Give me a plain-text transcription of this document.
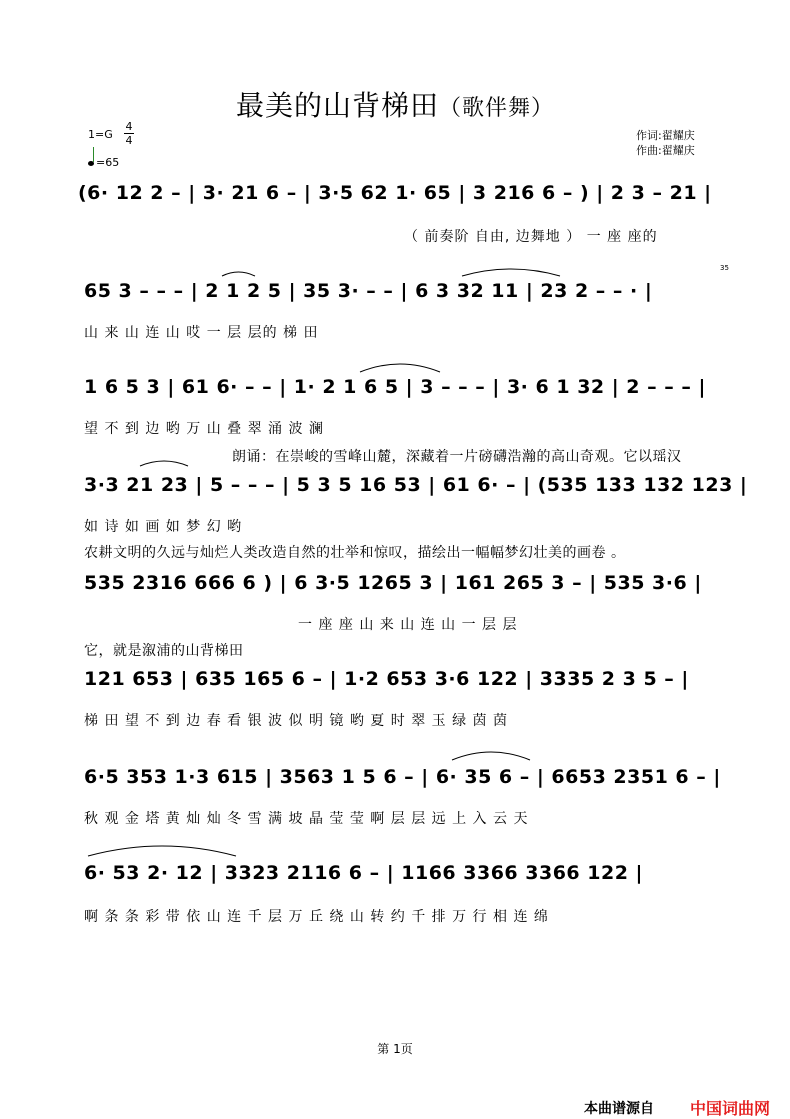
最美的山背梯田（歌伴舞）
1=G
4
4
=65
作词:翟耀庆
作曲:翟耀庆
35
(6· 12 2 – | 3· 21 6 – | 3·5 62 1· 65 | 3 216 6 – ) | 2 3 – 21 |
（ 前奏阶 自由, 边舞地 ） 一 座 座的
65 3 – – – | 2 1 2 5 | 35 3· – – | 6 3 32 11 | 23 2 – – · |
山 来 山 连 山 哎 一 层 层的 梯 田
1 6 5 3 | 61 6· – – | 1· 2 1 6 5 | 3 – – – | 3· 6 1 32 | 2 – – – |
望 不 到 边 哟 万 山 叠 翠 涌 波 澜
朗诵：在崇峻的雪峰山麓，深藏着一片磅礴浩瀚的高山奇观。它以瑶汉
3·3 21 23 | 5 – – – | 5 3 5 16 53 | 61 6· – | (535 133 132 123 |
如 诗 如 画 如 梦 幻 哟
农耕文明的久远与灿烂人类改造自然的壮举和惊叹，描绘出一幅幅梦幻壮美的画卷 。
535 2316 666 6 ) | 6 3·5 1265 3 | 161 265 3 – | 535 3·6 |
一 座 座 山 来 山 连 山 一 层 层
它，就是溆浦的山背梯田
121 653 | 635 165 6 – | 1·2 653 3·6 122 | 3335 2 3 5 – |
梯 田 望 不 到 边 春 看 银 波 似 明 镜 哟 夏 时 翠 玉 绿 茵 茵
6·5 353 1·3 615 | 3563 1 5 6 – | 6· 35 6 – | 6653 2351 6 – |
秋 观 金 塔 黄 灿 灿 冬 雪 满 坡 晶 莹 莹 啊 层 层 远 上 入 云 天
6· 53 2· 12 | 3323 2116 6 – | 1166 3366 3366 122 |
啊 条 条 彩 带 依 山 连 千 层 万 丘 绕 山 转 约 千 排 万 行 相 连 绵
第 1页
本曲谱源自 中国词曲网
